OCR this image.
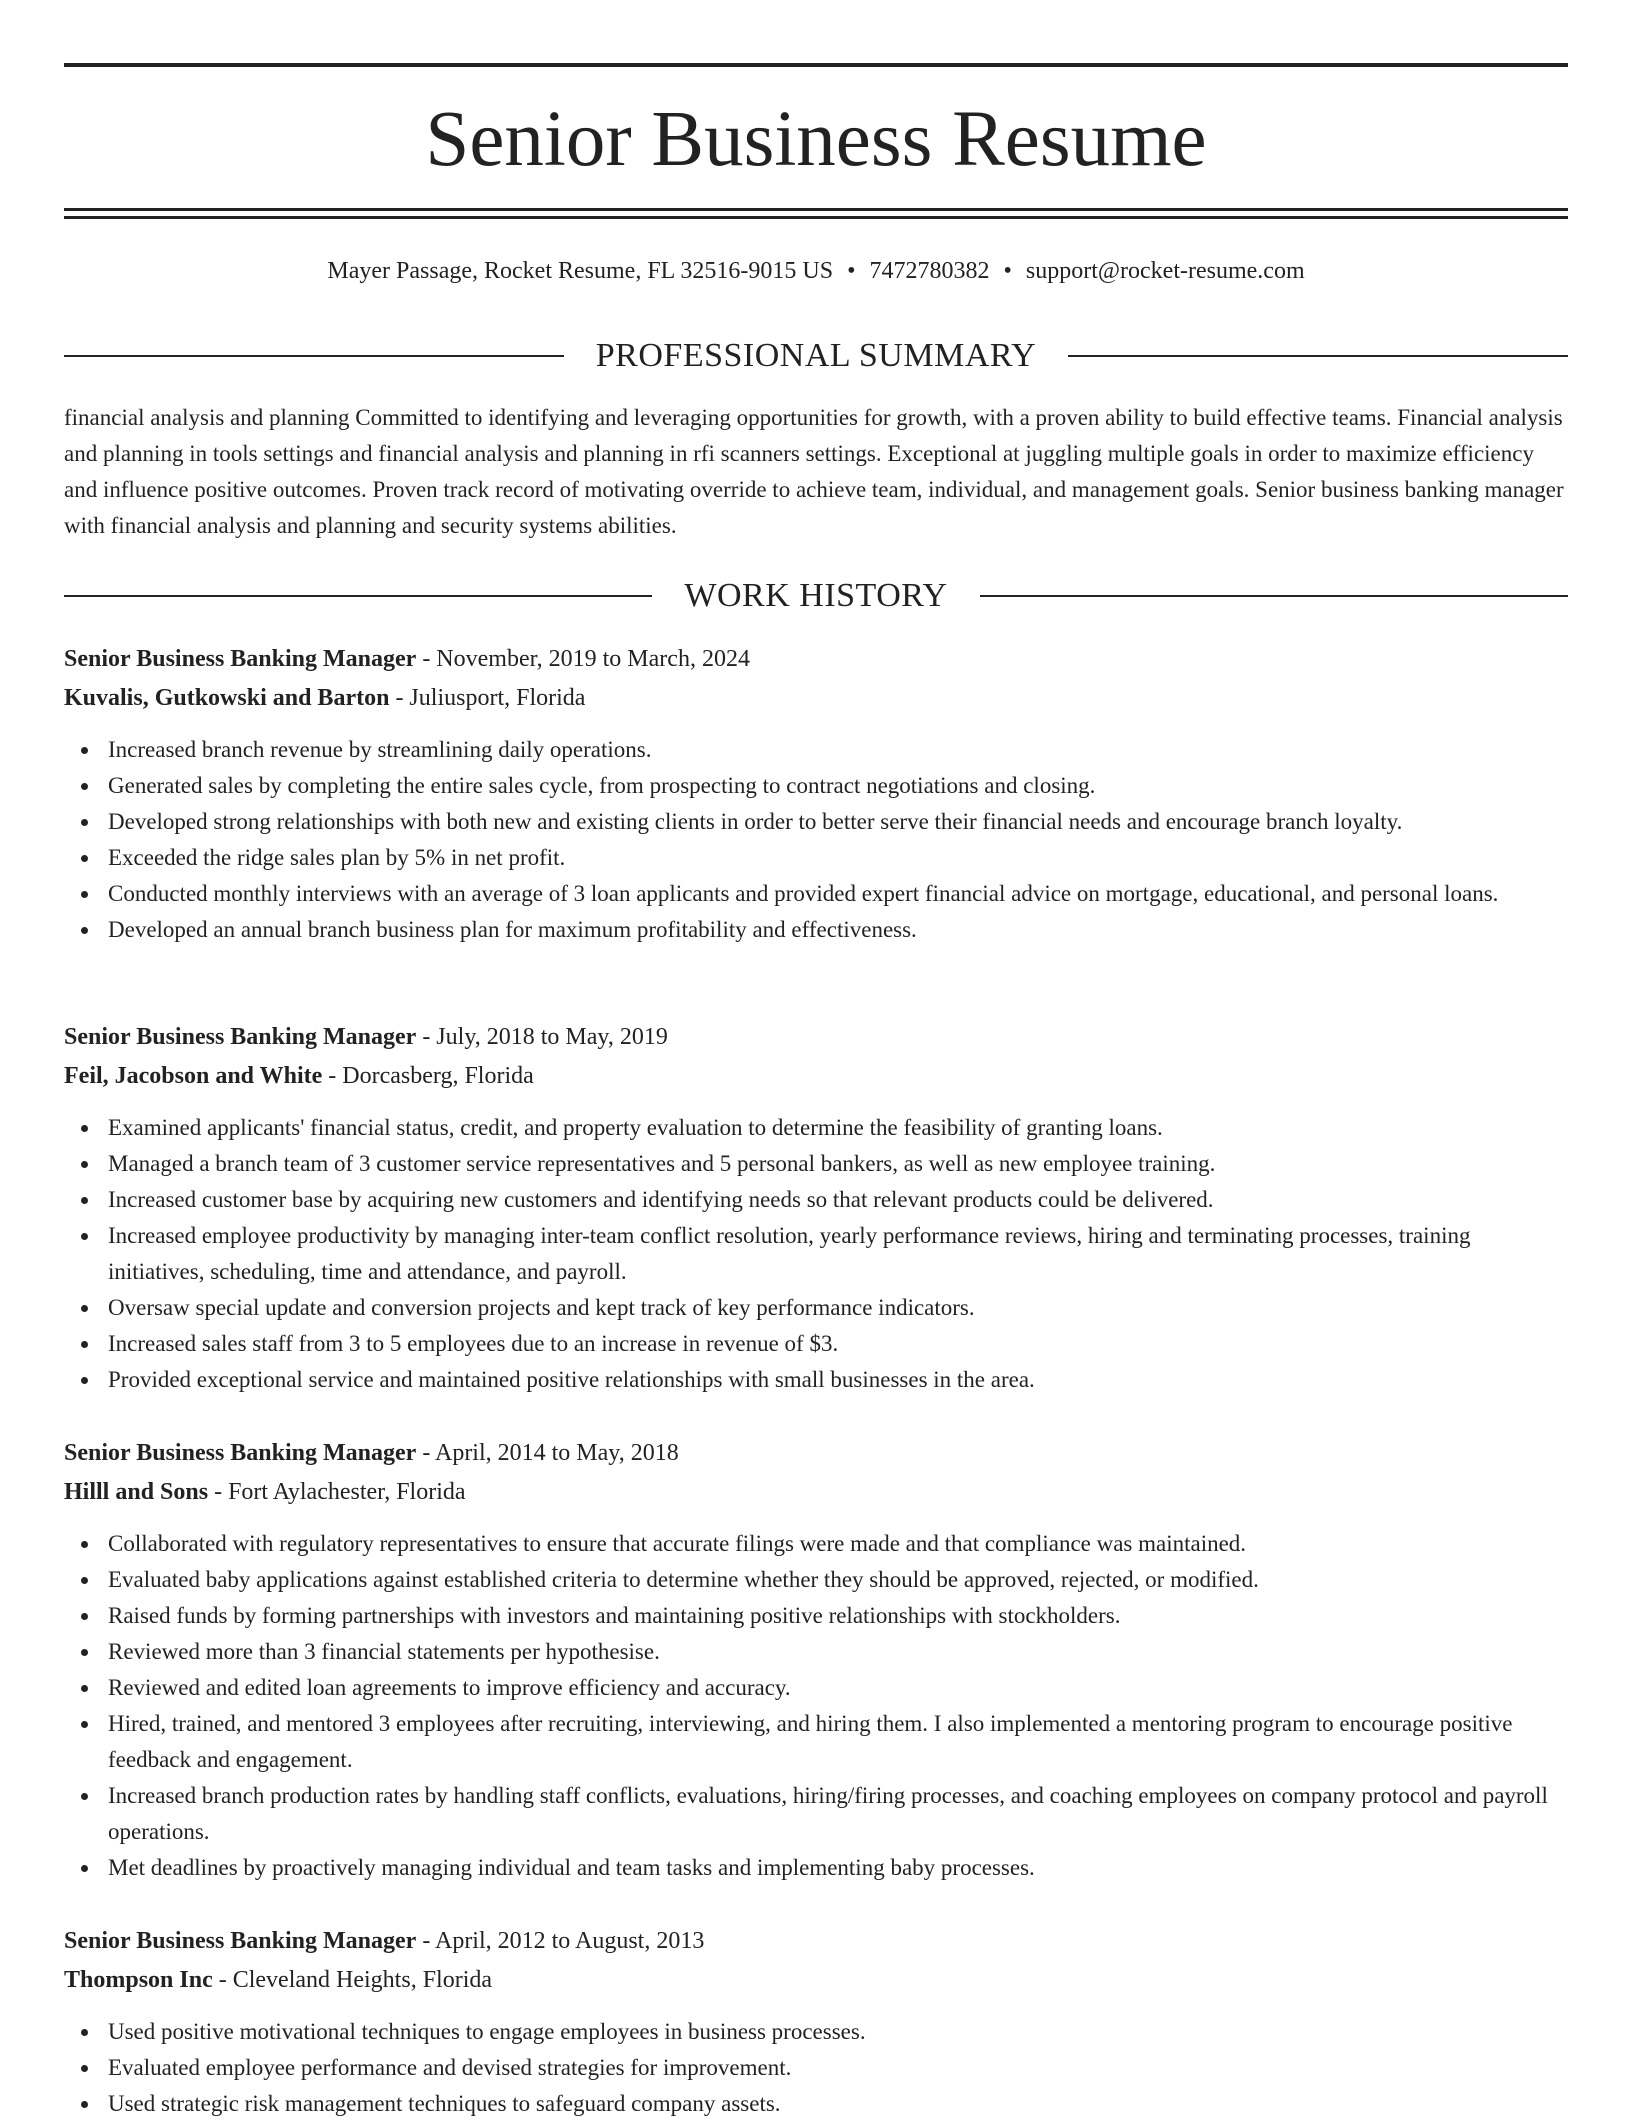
Senior Business Resume
Mayer Passage, Rocket Resume, FL 32516-9015 US • 7472780382 • support@rocket-resume.com
PROFESSIONAL SUMMARY

financial analysis and planning Committed to identifying and leveraging opportunities for growth, with a proven ability to build effective teams. Financial analysis and planning in tools settings and financial analysis and planning in rfi scanners settings. Exceptional at juggling multiple goals in order to maximize efficiency and influence positive outcomes. Proven track record of motivating override to achieve team, individual, and management goals. Senior business banking manager with financial analysis and planning and security systems abilities.

WORK HISTORY
Senior Business Banking Manager - November, 2019 to March, 2024
Kuvalis, Gutkowski and Barton - Juliusport, Florida
Increased branch revenue by streamlining daily operations.
Generated sales by completing the entire sales cycle, from prospecting to contract negotiations and closing.
Developed strong relationships with both new and existing clients in order to better serve their financial needs and encourage branch loyalty.
Exceeded the ridge sales plan by 5% in net profit.
Conducted monthly interviews with an average of 3 loan applicants and provided expert financial advice on mortgage, educational, and personal loans.
Developed an annual branch business plan for maximum profitability and effectiveness.
Senior Business Banking Manager - July, 2018 to May, 2019
Feil, Jacobson and White - Dorcasberg, Florida
Examined applicants' financial status, credit, and property evaluation to determine the feasibility of granting loans.
Managed a branch team of 3 customer service representatives and 5 personal bankers, as well as new employee training.
Increased customer base by acquiring new customers and identifying needs so that relevant products could be delivered.
Increased employee productivity by managing inter-team conflict resolution, yearly performance reviews, hiring and terminating processes, training initiatives, scheduling, time and attendance, and payroll.
Oversaw special update and conversion projects and kept track of key performance indicators.
Increased sales staff from 3 to 5 employees due to an increase in revenue of $3.
Provided exceptional service and maintained positive relationships with small businesses in the area.
Senior Business Banking Manager - April, 2014 to May, 2018
Hilll and Sons - Fort Aylachester, Florida
Collaborated with regulatory representatives to ensure that accurate filings were made and that compliance was maintained.
Evaluated baby applications against established criteria to determine whether they should be approved, rejected, or modified.
Raised funds by forming partnerships with investors and maintaining positive relationships with stockholders.
Reviewed more than 3 financial statements per hypothesise.
Reviewed and edited loan agreements to improve efficiency and accuracy.
Hired, trained, and mentored 3 employees after recruiting, interviewing, and hiring them. I also implemented a mentoring program to encourage positive feedback and engagement.
Increased branch production rates by handling staff conflicts, evaluations, hiring/firing processes, and coaching employees on company protocol and payroll operations.
Met deadlines by proactively managing individual and team tasks and implementing baby processes.
Senior Business Banking Manager - April, 2012 to August, 2013
Thompson Inc - Cleveland Heights, Florida
Used positive motivational techniques to engage employees in business processes.
Evaluated employee performance and devised strategies for improvement.
Used strategic risk management techniques to safeguard company assets.
